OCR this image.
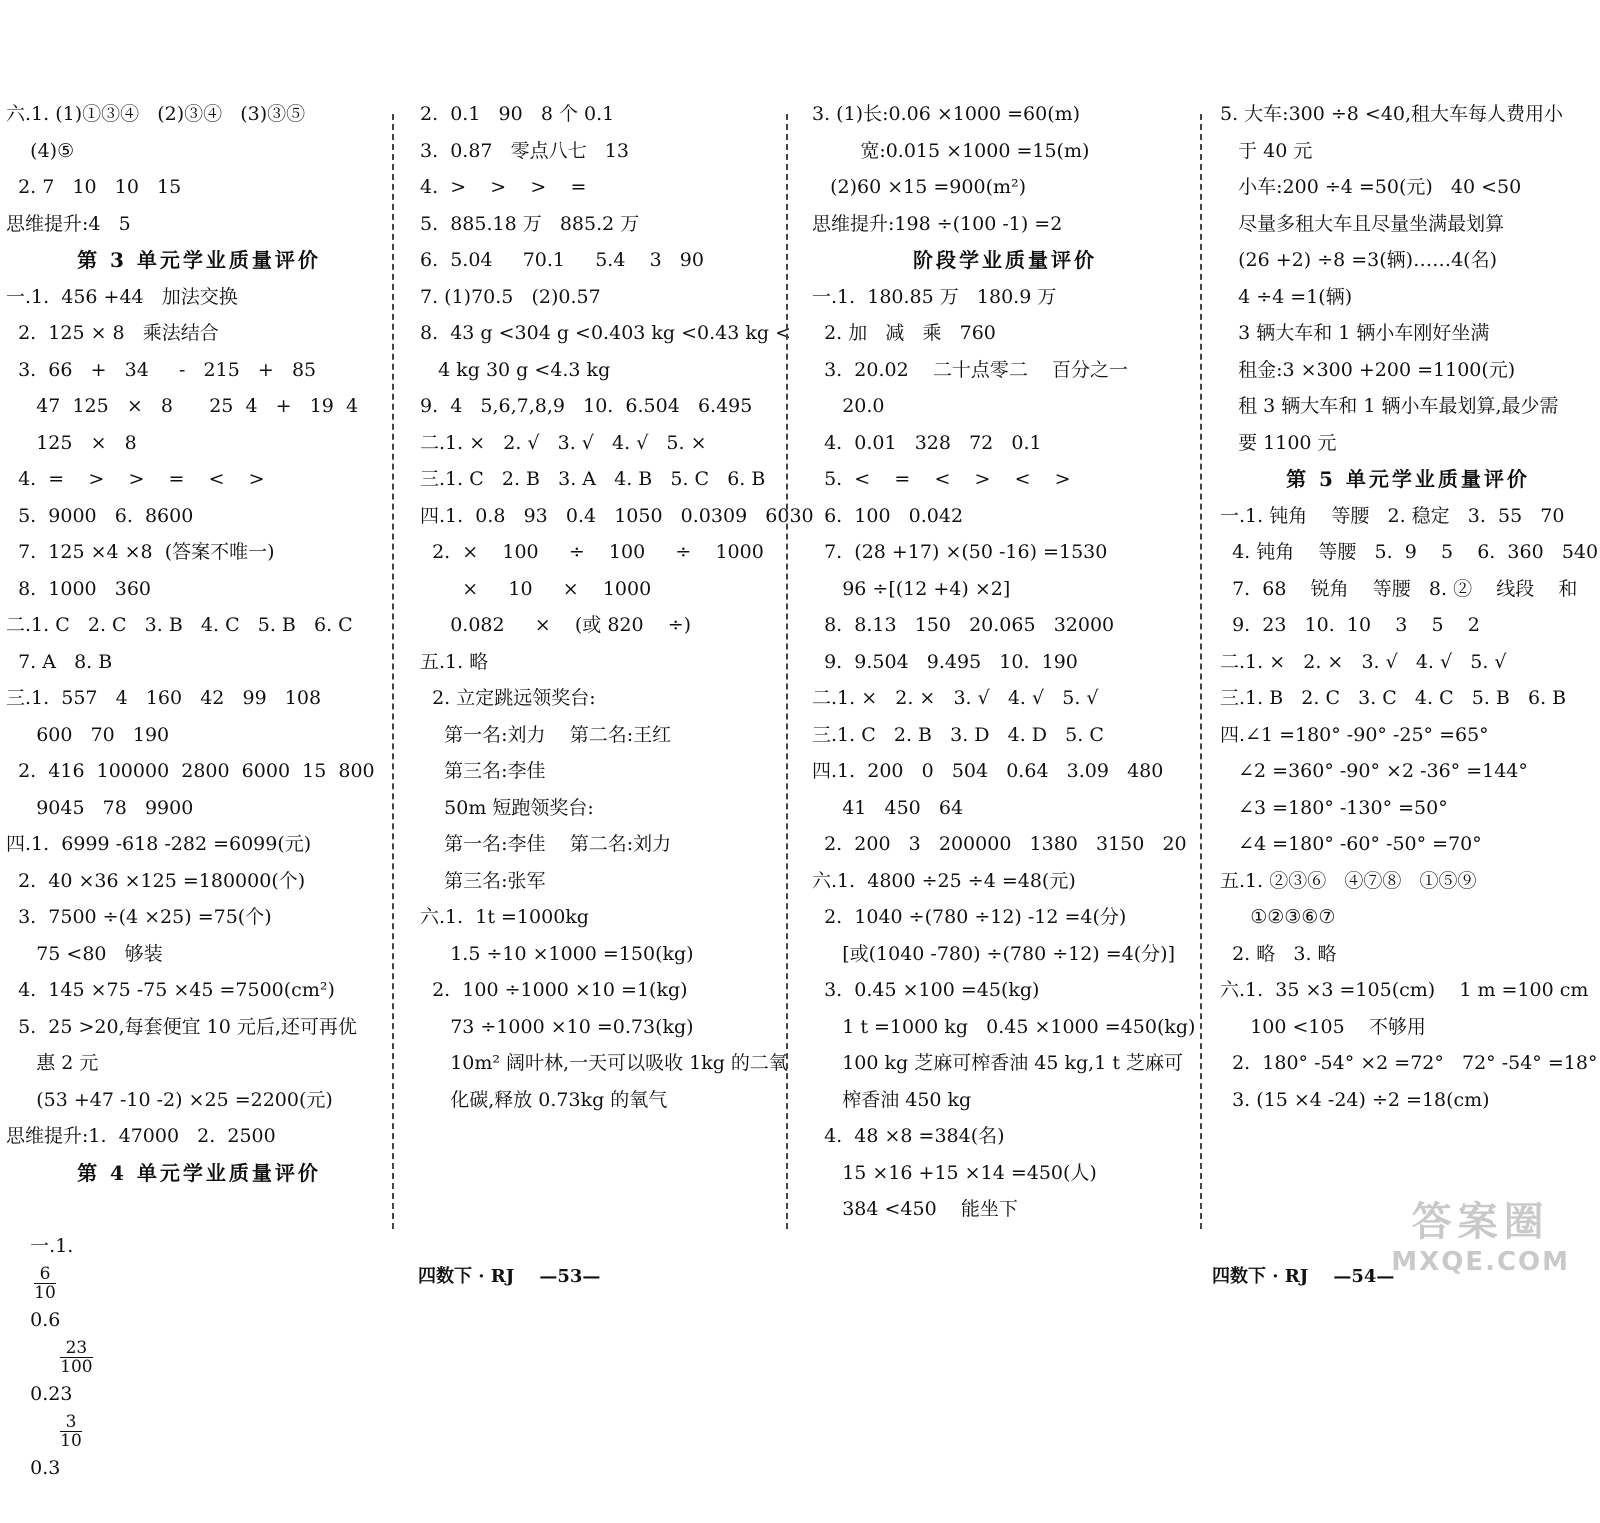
六.1. (1)①③④   (2)③④   (3)③⑤
(4)⑤
2. 7   10   10   15
思维提升:4   5
第 3 单元学业质量评价
一.1.  456 +44   加法交换
2.  125 × 8   乘法结合
3.  66   +   34     -   215   +   85
47  125   ×   8      25  4   +   19  4
125   ×   8
4.  =    >    >    =    <    >
5.  9000   6.  8600
7.  125 ×4 ×8  (答案不唯一)
8.  1000   360
二.1. C   2. C   3. B   4. C   5. B   6. C
7. A   8. B
三.1.  557   4   160   42   99   108
600   70   190
2.  416  100000  2800  6000  15  800
9045   78   9900
四.1.  6999 -618 -282 =6099(元)
2.  40 ×36 ×125 =180000(个)
3.  7500 ÷(4 ×25) =75(个)
75 <80   够装
4.  145 ×75 -75 ×45 =7500(cm²)
5.  25 >20,每套便宜 10 元后,还可再优
惠 2 元
(53 +47 -10 -2) ×25 =2200(元)
思维提升:1.  47000   2.  2500
第 4 单元学业质量评价

一.1.

$\frac{6}{10}$

0.6

$\frac{23}{100}$

0.23

$\frac{3}{10}$

0.3

2.  0.1   90   8 个 0.1
3.  0.87   零点八七   13
4.  >    >    >    =
5.  885.18 万   885.2 万
6.  5.04     70.1     5.4    3   90
7. (1)70.5   (2)0.57
8.  43 g <304 g <0.403 kg <0.43 kg <
4 kg 30 g <4.3 kg
9.  4   5,6,7,8,9   10.  6.504   6.495
二.1. ×   2. √   3. √   4. √   5. ×
三.1. C   2. B   3. A   4. B   5. C   6. B
四.1.  0.8   93   0.4   1050   0.0309   6030
2.  ×    100     ÷    100     ÷    1000
×     10     ×    1000
0.082     ×    (或 820    ÷)
五.1. 略
2. 立定跳远领奖台:
第一名:刘力    第二名:王红
第三名:李佳
50m 短跑领奖台:
第一名:李佳    第二名:刘力
第三名:张军
六.1.  1t =1000kg
1.5 ÷10 ×1000 =150(kg)
2.  100 ÷1000 ×10 =1(kg)
73 ÷1000 ×10 =0.73(kg)
10m² 阔叶林,一天可以吸收 1kg 的二氧
化碳,释放 0.73kg 的氧气
3. (1)长:0.06 ×1000 =60(m)
宽:0.015 ×1000 =15(m)
(2)60 ×15 =900(m²)
思维提升:198 ÷(100 -1) =2
阶段学业质量评价
一.1.  180.85 万   180.9 万
2. 加   减   乘   760
3.  20.02    二十点零二    百分之一
20.0
4.  0.01   328   72   0.1
5.  <    =    <    >    <    >
6.  100   0.042
7.  (28 +17) ×(50 -16) =1530
96 ÷[(12 +4) ×2]
8.  8.13   150   20.065   32000
9.  9.504   9.495   10.  190
二.1. ×   2. ×   3. √   4. √   5. √
三.1. C   2. B   3. D   4. D   5. C
四.1.  200   0   504   0.64   3.09   480
41   450   64
2.  200   3   200000   1380   3150   20
六.1.  4800 ÷25 ÷4 =48(元)
2.  1040 ÷(780 ÷12) -12 =4(分)
[或(1040 -780) ÷(780 ÷12) =4(分)]
3.  0.45 ×100 =45(kg)
1 t =1000 kg   0.45 ×1000 =450(kg)
100 kg 芝麻可榨香油 45 kg,1 t 芝麻可
榨香油 450 kg
4.  48 ×8 =384(名)
15 ×16 +15 ×14 =450(人)
384 <450    能坐下
5. 大车:300 ÷8 <40,租大车每人费用小
于 40 元
小车:200 ÷4 =50(元)   40 <50
尽量多租大车且尽量坐满最划算
(26 +2) ÷8 =3(辆)……4(名)
4 ÷4 =1(辆)
3 辆大车和 1 辆小车刚好坐满
租金:3 ×300 +200 =1100(元)
租 3 辆大车和 1 辆小车最划算,最少需
要 1100 元
第 5 单元学业质量评价
一.1. 钝角    等腰   2. 稳定   3.  55   70
4. 钝角    等腰   5.  9    5    6.  360   540
7.  68    锐角    等腰   8. ②    线段    和
9.  23   10.  10    3    5    2
二.1. ×   2. ×   3. √   4. √   5. √
三.1. B   2. C   3. C   4. C   5. B   6. B
四.∠1 =180° -90° -25° =65°
∠2 =360° -90° ×2 -36° =144°
∠3 =180° -130° =50°
∠4 =180° -60° -50° =70°
五.1. ②③⑥   ④⑦⑧   ①⑤⑨
①②③⑥⑦
2. 略   3. 略
六.1.  35 ×3 =105(cm)    1 m =100 cm
100 <105    不够用
2.  180° -54° ×2 =72°   72° -54° =18°
3. (15 ×4 -24) ÷2 =18(cm)
四数下 · RJ    —53—	四数下 · RJ    —54—
答案圈
MXQE.COM
